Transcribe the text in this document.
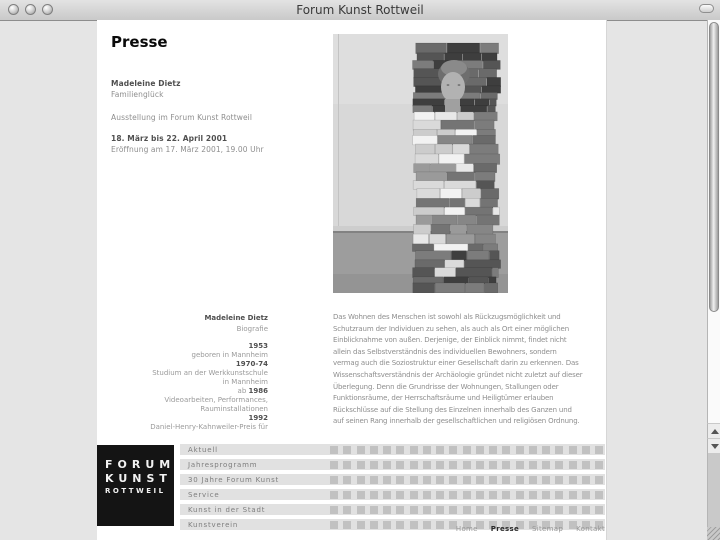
Forum Kunst Rottweil
Presse
Madeleine Dietz
Familienglück
Ausstellung im Forum Kunst Rottweil
18. März bis 22. April 2001
Eröffnung am 17. März 2001, 19.00 Uhr
Madeleine Dietz
Biografie
1953
geboren in Mannheim
1970-74
Studium an der Werkkunstschule
in Mannheim
ab 1986
Videoarbeiten, Performances,
Rauminstallationen
1992
Daniel-Henry-Kahnweiler-Preis für
Das Wohnen des Menschen ist sowohl als Rückzugsmöglichkeit und
Schutzraum der Individuen zu sehen, als auch als Ort einer möglichen
Einblicknahme von außen. Derjenige, der Einblick nimmt, findet nicht
allein das Selbstverständnis des individuellen Bewohners, sondern
vermag auch die Soziostruktur einer Gesellschaft darin zu erkennen. Das
Wissenschaftsverständnis der Archäologie gründet nicht zuletzt auf dieser
Überlegung. Denn die Grundrisse der Wohnungen, Stallungen oder
Funktionsräume, der Herrschaftsräume und Heiligtümer erlauben
Rückschlüsse auf die Stellung des Einzelnen innerhalb des Ganzen und
auf seinen Rang innerhalb der gesellschaftlichen und religiösen Ordnung.
FORUM
KUNST
ROTTWEIL
Aktuell
Jahresprogramm
30 Jahre Forum Kunst
Service
Kunst in der Stadt
Kunstverein
Home Presse Sitemap Kontakt
